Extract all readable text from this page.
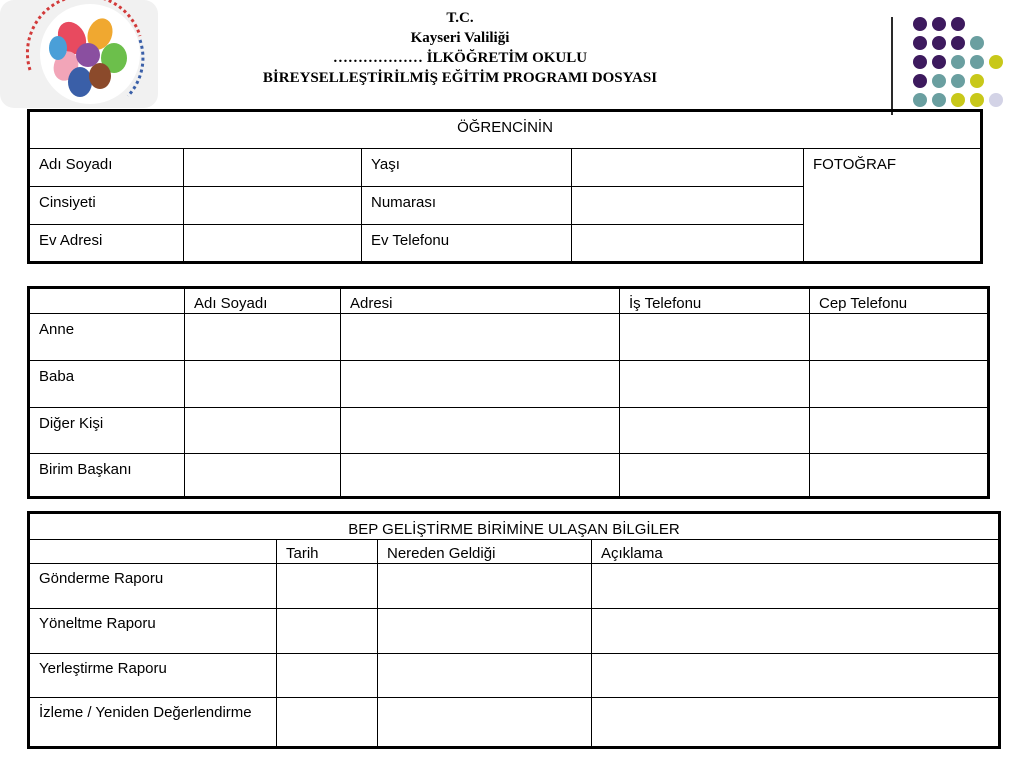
T.C.
Kayseri Valiliği
……………… İLKÖĞRETİM OKULU
BİREYSELLEŞTİRİLMİŞ EĞİTİM PROGRAMI DOSYASI
ÖĞRENCİNİN				
Adı Soyadı		Yaşı		FOTOĞRAF
Cinsiyeti		Numarası		
Ev Adresi		Ev Telefonu		
	Adı Soyadı	Adresi	İş Telefonu	Cep Telefonu
Anne				
Baba				
Diğer Kişi				
Birim Başkanı				
BEP GELİŞTİRME BİRİMİNE ULAŞAN BİLGİLER			
	Tarih	Nereden Geldiği	Açıklama
Gönderme Raporu			
Yöneltme Raporu			
Yerleştirme Raporu			
İzleme / Yeniden Değerlendirme			
